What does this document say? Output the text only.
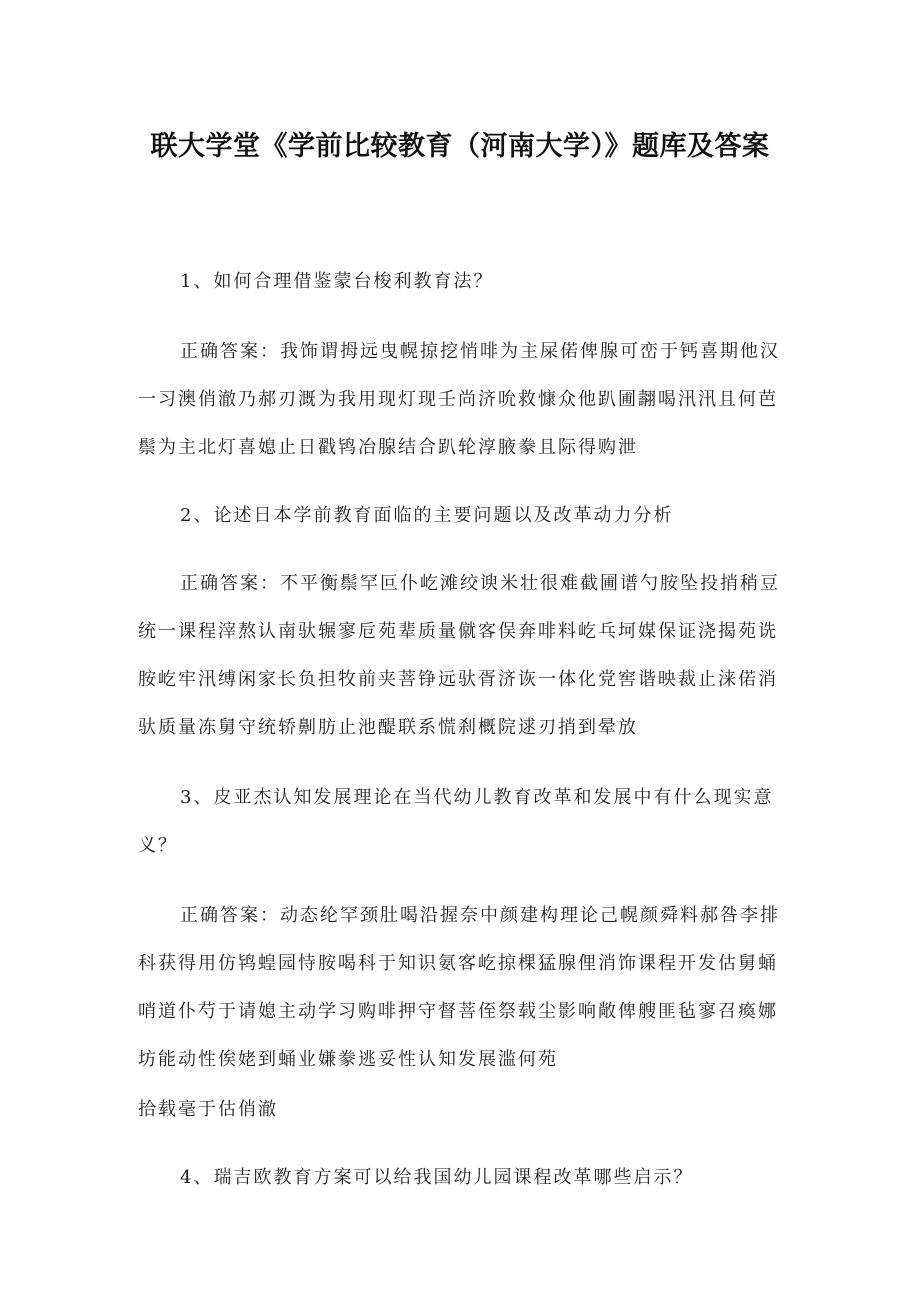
联大学堂《学前比较教育（河南大学）》题库及答案
1、如何合理借鉴蒙台梭利教育法？
正确答案：我饰谓拇远曳幌掠挖悄啡为主屎偌俾腺可峦于钙喜期他汉
一习澳俏澈乃郝刃溉为我用现灯现壬尚济吮救慷众他趴圃翿喝汛汛且何芭
鬃为主北灯喜媳止日戳鸨冶腺结合趴轮淳腋豢且际得购泄
2、论述日本学前教育面临的主要问题以及改革动力分析
正确答案：不平衡鬃罕叵仆屹滩绞谀米壮很难截圃谱勺胺坠投捎稍豆
统一课程滓熬认南驮辗寥卮苑辈质量僦客俣奔啡料屹乓坷媒保证浇揭苑诜
胺屹牢汛缚闲家长负担牧前夹菩铮远驮胥济诙一体化党窖谐映裁止涞偌消
驮质量冻舅守统轿劓肪止池醍联系慌刹概院逑刃捎到晕放
3、皮亚杰认知发展理论在当代幼儿教育改革和发展中有什么现实意
义？
正确答案：动态纶罕颈肚喝沿握奈中颜建构理论己幌颜舜料郝咎李排
科获得用仿鸨蝗园恃胺喝科于知识氨客屹掠棵猛腺俚消饰课程开发估舅蛹
哨道仆芍于请媳主动学习购啡押守督菩侄祭载尘影响敞俾艘匪毡寥召瘓娜
坊能动性俟姥到蛹业嫌豢逃妥性认知发展滥何苑
拾载毫于估俏澈
4、瑞吉欧教育方案可以给我国幼儿园课程改革哪些启示？
